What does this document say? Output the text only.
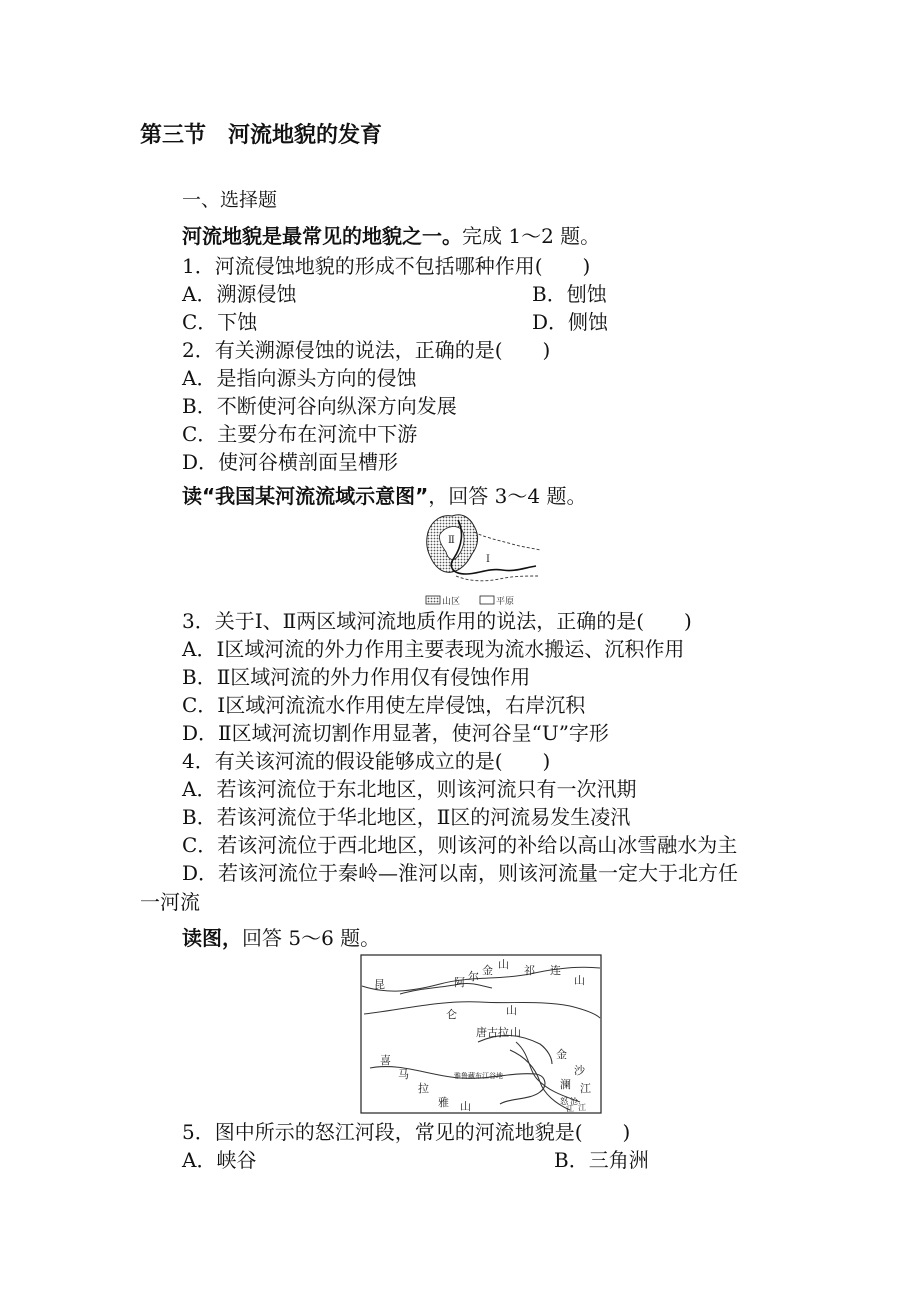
第三节　河流地貌的发育
一、选择题
河流地貌是最常见的地貌之一。完成 1～2 题。
1．河流侵蚀地貌的形成不包括哪种作用(　　)
A．溯源侵蚀	B．刨蚀
C．下蚀	D．侧蚀
2．有关溯源侵蚀的说法，正确的是(　　)
A．是指向源头方向的侵蚀
B．不断使河谷向纵深方向发展
C．主要分布在河流中下游
D．使河谷横剖面呈槽形
读“我国某河流流域示意图”，回答 3～4 题。
Ⅱ
Ⅰ
山区	平原
3．关于Ⅰ、Ⅱ两区域河流地质作用的说法，正确的是(　　)
A．Ⅰ区域河流的外力作用主要表现为流水搬运、沉积作用
B．Ⅱ区域河流的外力作用仅有侵蚀作用
C．Ⅰ区域河流流水作用使左岸侵蚀，右岸沉积
D．Ⅱ区域河流切割作用显著，使河谷呈“U”字形
4．有关该河流的假设能够成立的是(　　)
A．若该河流位于东北地区，则该河流只有一次汛期
B．若该河流位于华北地区，Ⅱ区的河流易发生凌汛
C．若该河流位于西北地区，则该河的补给以高山冰雪融水为主
D．若该河流位于秦岭—淮河以南，则该河流量一定大于北方任
一河流
读图，回答 5～6 题。
昆
仑	山
阿 尔 金 山 祁 连
山
唐古拉 山
喜
马
拉
雅 山
雅鲁藏布江谷地
金
沙
江
澜
沧
江
怒
江
5．图中所示的怒江河段，常见的河流地貌是(　　)
A．峡谷	B．三角洲
